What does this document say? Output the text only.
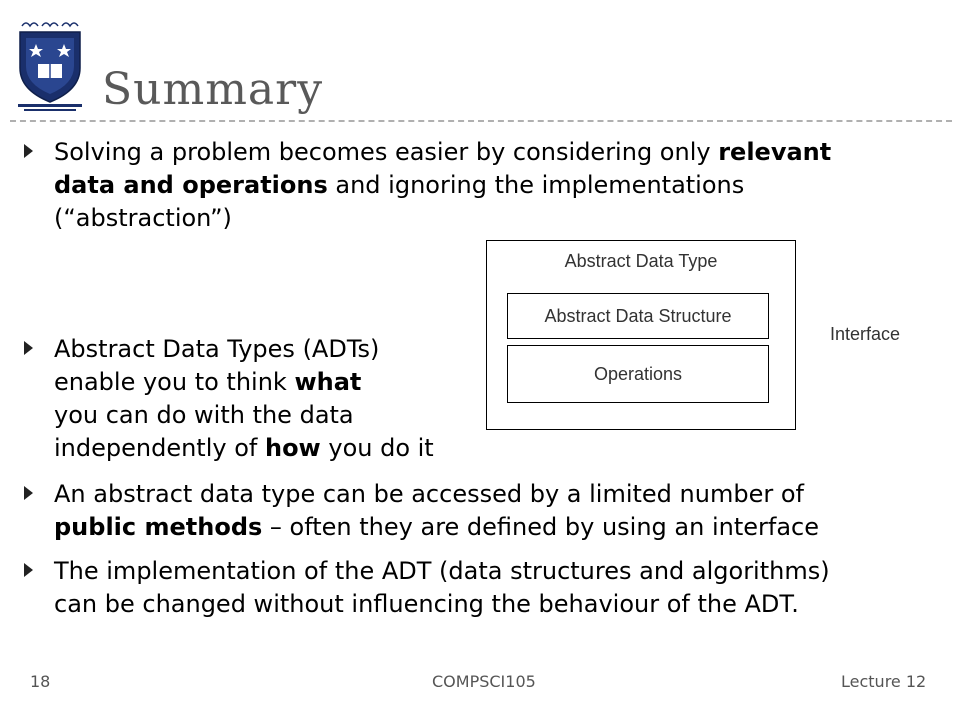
Summary
Solving a problem becomes easier by considering only relevant
data and operations and ignoring the implementations
(“abstraction”)
Abstract Data Types (ADTs)
enable you to think what
you can do with the data
independently of how you do it
An abstract data type can be accessed by a limited number of
public methods – often they are defined by using an interface
The implementation of the ADT (data structures and algorithms)
can be changed without influencing the behaviour of the ADT.
Abstract Data Type
Abstract Data Structure
Operations
Interface
18	COMPSCI105	Lecture 12
